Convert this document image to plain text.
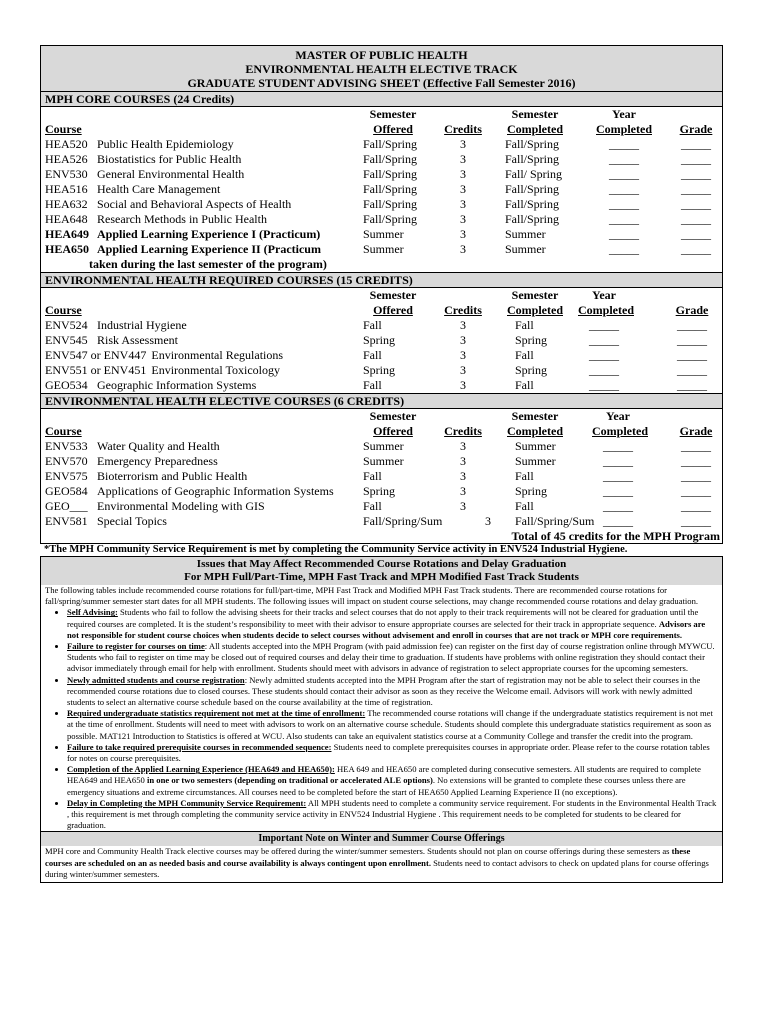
MASTER OF PUBLIC HEALTH
ENVIRONMENTAL HEALTH ELECTIVE TRACK
GRADUATE STUDENT ADVISING SHEET (Effective Fall Semester 2016)
MPH CORE COURSES (24 Credits)
Semester	Semester	Year
Course	Offered	Credits	Completed	Completed Grade
HEA520 Public Health Epidemiology	Fall/Spring	3	Fall/Spring	_____	_____
HEA526 Biostatistics for Public Health	Fall/Spring	3	Fall/Spring	_____	_____
ENV530 General Environmental Health	Fall/Spring	3	Fall/ Spring	_____	_____
HEA516 Health Care Management	Fall/Spring	3	Fall/Spring	_____	_____
HEA632 Social and Behavioral Aspects of Health	Fall/Spring	3	Fall/Spring	_____	_____
HEA648 Research Methods in Public Health	Fall/Spring	3	Fall/Spring	_____	_____
HEA649 Applied Learning Experience I (Practicum)	Summer	3	Summer	_____	_____
HEA650 Applied Learning Experience II (Practicum	Summer	3	Summer	_____	_____
taken during the last semester of the program)
ENVIRONMENTAL HEALTH REQUIRED COURSES (15 CREDITS)
Semester	Semester	Year
Course	Offered	Credits	Completed	Completed	Grade
ENV524 Industrial Hygiene	Fall	3	Fall	_____	_____
ENV545 Risk Assessment	Spring	3	Spring	_____	_____
ENV547 or ENV447 Environmental Regulations	Fall	3	Fall	_____	_____
ENV551 or ENV451 Environmental Toxicology	Spring	3	Spring	_____	_____
GEO534 Geographic Information Systems	Fall	3	Fall	_____	_____
ENVIRONMENTAL HEALTH ELECTIVE COURSES (6 CREDITS)
Semester	Semester	Year
Course	Offered	Credits	Completed	Completed	Grade
ENV533 Water Quality and Health	Summer	3	Summer	_____	_____
ENV570 Emergency Preparedness	Summer	3	Summer	_____	_____
ENV575 Bioterrorism and Public Health	Fall	3	Fall	_____	_____
GEO584 Applications of Geographic Information Systems Spring	3	Spring	_____	_____
GEO___ Environmental Modeling with GIS	Fall	3	Fall	_____	_____
ENV581 Special Topics	Fall/Spring/Sum	3 Fall/Spring/Sum _____	_____
Total of 45 credits for the MPH Program
*The MPH Community Service Requirement is met by completing the Community Service activity in ENV524 Industrial Hygiene.
Issues that May Affect Recommended Course Rotations and Delay Graduation
For MPH Full/Part-Time, MPH Fast Track and MPH Modified Fast Track Students
The following tables include recommended course rotations for full/part-time, MPH Fast Track and Modified MPH Fast Track students. There are recommended course rotations for fall/spring/summer semester start dates for all MPH students. The following issues will impact on student course selections, may change recommended course rotations and delay graduation.
• Self Advising: Students who fail to follow the advising sheets for their tracks and select courses that do not apply to their track requirements will not be cleared for graduation until the required courses are completed. It is the student’s responsibility to meet with their advisor to ensure appropriate courses are selected for their track in appropriate sequence. Advisors are not responsible for student course choices when students decide to select courses without advisement and enroll in courses that are not track or MPH core requirements.
• Failure to register for courses on time: All students accepted into the MPH Program (with paid admission fee) can register on the first day of course registration online through MYWCU. Students who fail to register on time may be closed out of required courses and delay their time to graduation. If students have problems with online registration they should contact their advisor immediately through email for help with enrollment. Students should meet with advisors in advance of registration to select appropriate courses for the upcoming semesters.
• Newly admitted students and course registration: Newly admitted students accepted into the MPH Program after the start of registration may not be able to select their courses in the recommended course rotations due to closed courses. These students should contact their advisor as soon as they receive the Welcome email. Advisors will work with newly admitted students to select an alternative course schedule based on the course availability at the time of registration.
• Required undergraduate statistics requirement not met at the time of enrollment: The recommended course rotations will change if the undergraduate statistics requirement is not met at the time of enrollment. Students will need to meet with advisors to work on an alternative course schedule. Students should complete this undergraduate statistics requirement as soon as possible. MAT121 Introduction to Statistics is offered at WCU. Also students can take an equivalent statistics course at a Community College and transfer the credit into the program.
• Failure to take required prerequisite courses in recommended sequence: Students need to complete prerequisites courses in appropriate order. Please refer to the course rotation tables for notes on course prerequisites.
• Completion of the Applied Learning Experience (HEA649 and HEA650): HEA 649 and HEA650 are completed during consecutive semesters. All students are required to complete HEA649 and HEA650 in one or two semesters (depending on traditional or accelerated ALE options). No extensions will be granted to complete these courses unless there are emergency situations and extreme circumstances. All courses need to be completed before the start of HEA650 Applied Learning Experience II (no exceptions).
• Delay in Completing the MPH Community Service Requirement: All MPH students need to complete a community service requirement. For students in the Environmental Health Track , this requirement is met through completing the community service activity in ENV524 Industrial Hygiene . This requirement needs to be completed for students to be cleared for graduation.
Important Note on Winter and Summer Course Offerings
MPH core and Community Health Track elective courses may be offered during the winter/summer semesters. Students should not plan on course offerings during these semesters as these courses are scheduled on an as needed basis and course availability is always contingent upon enrollment. Students need to contact advisors to check on updated plans for course offerings during winter/summer semesters.
